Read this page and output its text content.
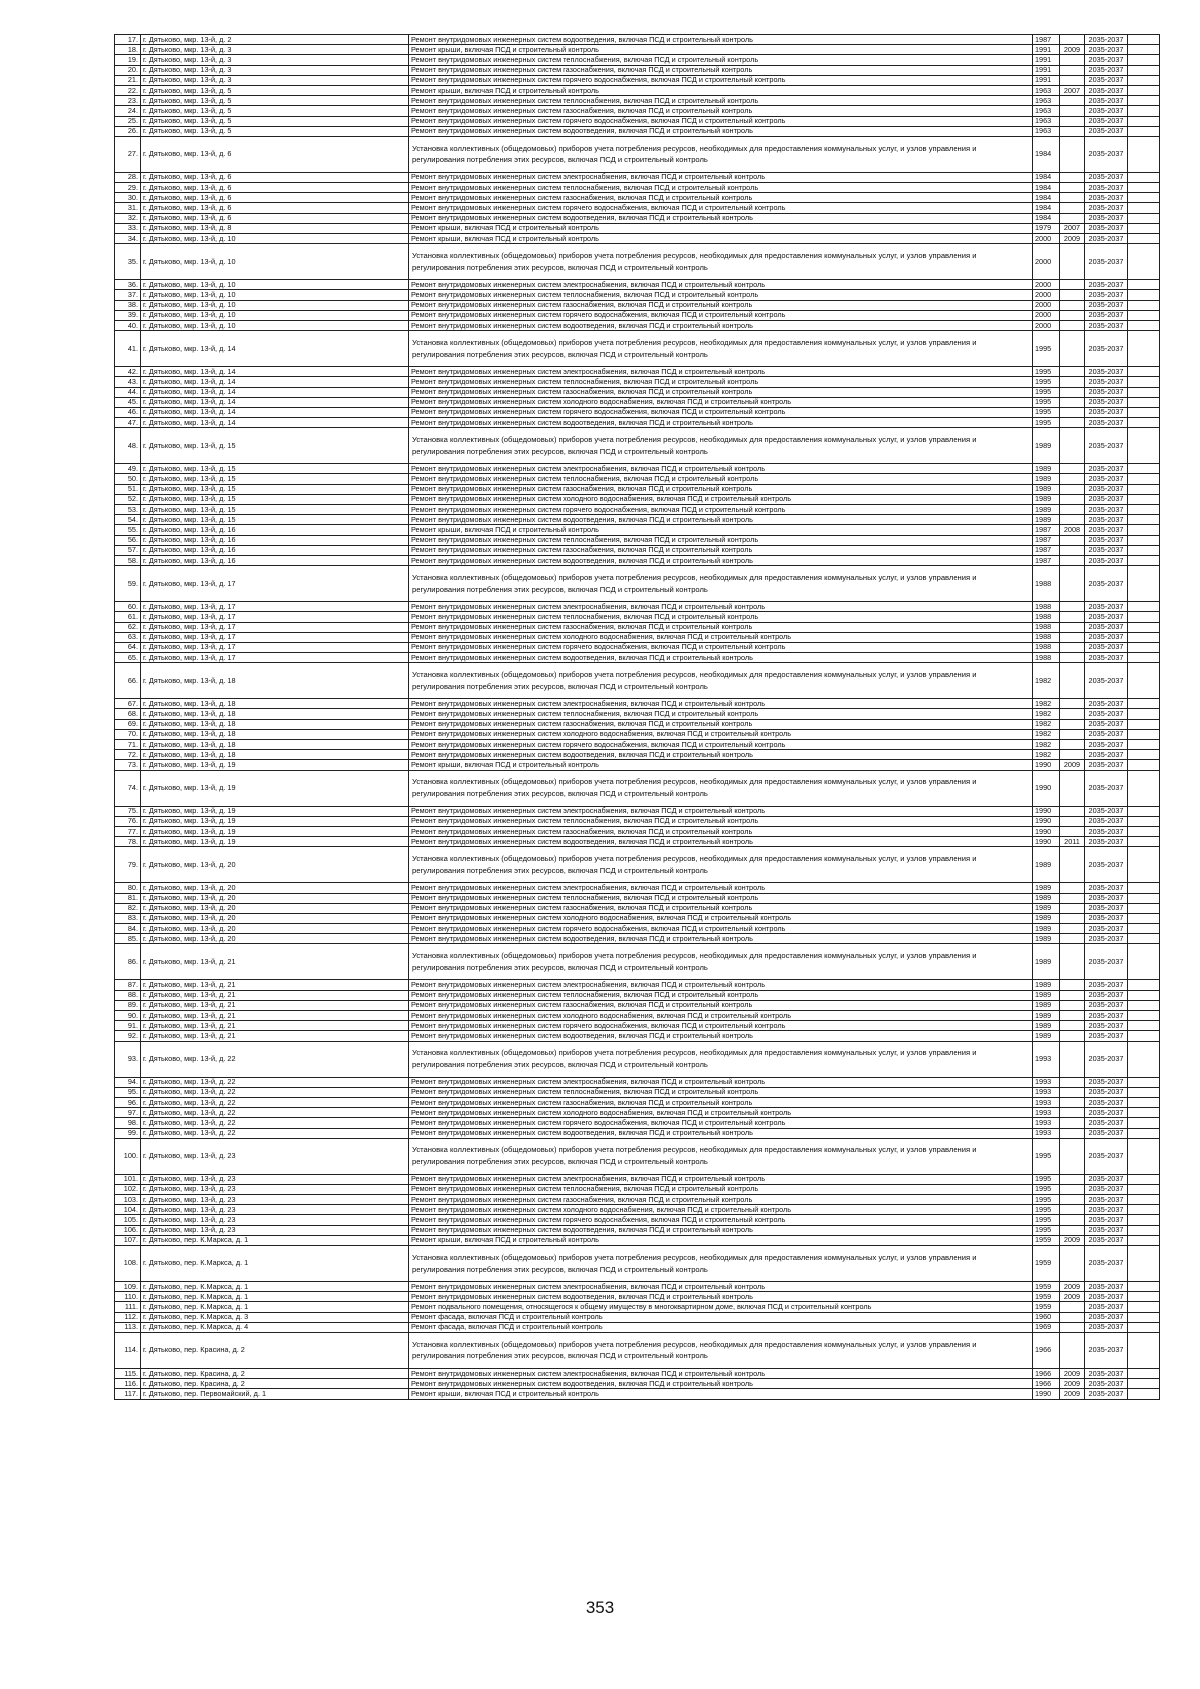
17.	г. Дятьково, мкр. 13-й, д. 2	Ремонт внутридомовых инженерных систем водоотведения, включая ПСД и строительный контроль	1987		2035-2037	
18.	г. Дятьково, мкр. 13-й, д. 3	Ремонт крыши, включая ПСД и строительный контроль	1991	2009	2035-2037	
19.	г. Дятьково, мкр. 13-й, д. 3	Ремонт внутридомовых инженерных систем теплоснабжения, включая ПСД и строительный контроль	1991		2035-2037	
20.	г. Дятьково, мкр. 13-й, д. 3	Ремонт внутридомовых инженерных систем газоснабжения, включая ПСД и строительный контроль	1991		2035-2037	
21.	г. Дятьково, мкр. 13-й, д. 3	Ремонт внутридомовых инженерных систем горячего водоснабжения, включая ПСД и строительный контроль	1991		2035-2037	
22.	г. Дятьково, мкр. 13-й, д. 5	Ремонт крыши, включая ПСД и строительный контроль	1963	2007	2035-2037	
23.	г. Дятьково, мкр. 13-й, д. 5	Ремонт внутридомовых инженерных систем теплоснабжения, включая ПСД и строительный контроль	1963		2035-2037	
24.	г. Дятьково, мкр. 13-й, д. 5	Ремонт внутридомовых инженерных систем газоснабжения, включая ПСД и строительный контроль	1963		2035-2037	
25.	г. Дятьково, мкр. 13-й, д. 5	Ремонт внутридомовых инженерных систем горячего водоснабжения, включая ПСД и строительный контроль	1963		2035-2037	
26.	г. Дятьково, мкр. 13-й, д. 5	Ремонт внутридомовых инженерных систем водоотведения, включая ПСД и строительный контроль	1963		2035-2037	
27.	г. Дятьково, мкр. 13-й, д. 6	Установка коллективных (общедомовых) приборов учета потребления ресурсов, необходимых для предоставления коммунальных услуг, и узлов управления и регулирования потребления этих ресурсов, включая ПСД и строительный контроль	1984		2035-2037	
28.	г. Дятьково, мкр. 13-й, д. 6	Ремонт внутридомовых инженерных систем электроснабжения, включая ПСД и строительный контроль	1984		2035-2037	
29.	г. Дятьково, мкр. 13-й, д. 6	Ремонт внутридомовых инженерных систем теплоснабжения, включая ПСД и строительный контроль	1984		2035-2037	
30.	г. Дятьково, мкр. 13-й, д. 6	Ремонт внутридомовых инженерных систем газоснабжения, включая ПСД и строительный контроль	1984		2035-2037	
31.	г. Дятьково, мкр. 13-й, д. 6	Ремонт внутридомовых инженерных систем горячего водоснабжения, включая ПСД и строительный контроль	1984		2035-2037	
32.	г. Дятьково, мкр. 13-й, д. 6	Ремонт внутридомовых инженерных систем водоотведения, включая ПСД и строительный контроль	1984		2035-2037	
33.	г. Дятьково, мкр. 13-й, д. 8	Ремонт крыши, включая ПСД и строительный контроль	1979	2007	2035-2037	
34.	г. Дятьково, мкр. 13-й, д. 10	Ремонт крыши, включая ПСД и строительный контроль	2000	2009	2035-2037	
35.	г. Дятьково, мкр. 13-й, д. 10	Установка коллективных (общедомовых) приборов учета потребления ресурсов, необходимых для предоставления коммунальных услуг, и узлов управления и регулирования потребления этих ресурсов, включая ПСД и строительный контроль	2000		2035-2037	
36.	г. Дятьково, мкр. 13-й, д. 10	Ремонт внутридомовых инженерных систем электроснабжения, включая ПСД и строительный контроль	2000		2035-2037	
37.	г. Дятьково, мкр. 13-й, д. 10	Ремонт внутридомовых инженерных систем теплоснабжения, включая ПСД и строительный контроль	2000		2035-2037	
38.	г. Дятьково, мкр. 13-й, д. 10	Ремонт внутридомовых инженерных систем газоснабжения, включая ПСД и строительный контроль	2000		2035-2037	
39.	г. Дятьково, мкр. 13-й, д. 10	Ремонт внутридомовых инженерных систем горячего водоснабжения, включая ПСД и строительный контроль	2000		2035-2037	
40.	г. Дятьково, мкр. 13-й, д. 10	Ремонт внутридомовых инженерных систем водоотведения, включая ПСД и строительный контроль	2000		2035-2037	
41.	г. Дятьково, мкр. 13-й, д. 14	Установка коллективных (общедомовых) приборов учета потребления ресурсов, необходимых для предоставления коммунальных услуг, и узлов управления и регулирования потребления этих ресурсов, включая ПСД и строительный контроль	1995		2035-2037	
42.	г. Дятьково, мкр. 13-й, д. 14	Ремонт внутридомовых инженерных систем электроснабжения, включая ПСД и строительный контроль	1995		2035-2037	
43.	г. Дятьково, мкр. 13-й, д. 14	Ремонт внутридомовых инженерных систем теплоснабжения, включая ПСД и строительный контроль	1995		2035-2037	
44.	г. Дятьково, мкр. 13-й, д. 14	Ремонт внутридомовых инженерных систем газоснабжения, включая ПСД и строительный контроль	1995		2035-2037	
45.	г. Дятьково, мкр. 13-й, д. 14	Ремонт внутридомовых инженерных систем холодного водоснабжения, включая ПСД и строительный контроль	1995		2035-2037	
46.	г. Дятьково, мкр. 13-й, д. 14	Ремонт внутридомовых инженерных систем горячего водоснабжения, включая ПСД и строительный контроль	1995		2035-2037	
47.	г. Дятьково, мкр. 13-й, д. 14	Ремонт внутридомовых инженерных систем водоотведения, включая ПСД и строительный контроль	1995		2035-2037	
48.	г. Дятьково, мкр. 13-й, д. 15	Установка коллективных (общедомовых) приборов учета потребления ресурсов, необходимых для предоставления коммунальных услуг, и узлов управления и регулирования потребления этих ресурсов, включая ПСД и строительный контроль	1989		2035-2037	
49.	г. Дятьково, мкр. 13-й, д. 15	Ремонт внутридомовых инженерных систем электроснабжения, включая ПСД и строительный контроль	1989		2035-2037	
50.	г. Дятьково, мкр. 13-й, д. 15	Ремонт внутридомовых инженерных систем теплоснабжения, включая ПСД и строительный контроль	1989		2035-2037	
51.	г. Дятьково, мкр. 13-й, д. 15	Ремонт внутридомовых инженерных систем газоснабжения, включая ПСД и строительный контроль	1989		2035-2037	
52.	г. Дятьково, мкр. 13-й, д. 15	Ремонт внутридомовых инженерных систем холодного водоснабжения, включая ПСД и строительный контроль	1989		2035-2037	
53.	г. Дятьково, мкр. 13-й, д. 15	Ремонт внутридомовых инженерных систем горячего водоснабжения, включая ПСД и строительный контроль	1989		2035-2037	
54.	г. Дятьково, мкр. 13-й, д. 15	Ремонт внутридомовых инженерных систем водоотведения, включая ПСД и строительный контроль	1989		2035-2037	
55.	г. Дятьково, мкр. 13-й, д. 16	Ремонт крыши, включая ПСД и строительный контроль	1987	2008	2035-2037	
56.	г. Дятьково, мкр. 13-й, д. 16	Ремонт внутридомовых инженерных систем теплоснабжения, включая ПСД и строительный контроль	1987		2035-2037	
57.	г. Дятьково, мкр. 13-й, д. 16	Ремонт внутридомовых инженерных систем газоснабжения, включая ПСД и строительный контроль	1987		2035-2037	
58.	г. Дятьково, мкр. 13-й, д. 16	Ремонт внутридомовых инженерных систем водоотведения, включая ПСД и строительный контроль	1987		2035-2037	
59.	г. Дятьково, мкр. 13-й, д. 17	Установка коллективных (общедомовых) приборов учета потребления ресурсов, необходимых для предоставления коммунальных услуг, и узлов управления и регулирования потребления этих ресурсов, включая ПСД и строительный контроль	1988		2035-2037	
60.	г. Дятьково, мкр. 13-й, д. 17	Ремонт внутридомовых инженерных систем электроснабжения, включая ПСД и строительный контроль	1988		2035-2037	
61.	г. Дятьково, мкр. 13-й, д. 17	Ремонт внутридомовых инженерных систем теплоснабжения, включая ПСД и строительный контроль	1988		2035-2037	
62.	г. Дятьково, мкр. 13-й, д. 17	Ремонт внутридомовых инженерных систем газоснабжения, включая ПСД и строительный контроль	1988		2035-2037	
63.	г. Дятьково, мкр. 13-й, д. 17	Ремонт внутридомовых инженерных систем холодного водоснабжения, включая ПСД и строительный контроль	1988		2035-2037	
64.	г. Дятьково, мкр. 13-й, д. 17	Ремонт внутридомовых инженерных систем горячего водоснабжения, включая ПСД и строительный контроль	1988		2035-2037	
65.	г. Дятьково, мкр. 13-й, д. 17	Ремонт внутридомовых инженерных систем водоотведения, включая ПСД и строительный контроль	1988		2035-2037	
66.	г. Дятьково, мкр. 13-й, д. 18	Установка коллективных (общедомовых) приборов учета потребления ресурсов, необходимых для предоставления коммунальных услуг, и узлов управления и регулирования потребления этих ресурсов, включая ПСД и строительный контроль	1982		2035-2037	
67.	г. Дятьково, мкр. 13-й, д. 18	Ремонт внутридомовых инженерных систем электроснабжения, включая ПСД и строительный контроль	1982		2035-2037	
68.	г. Дятьково, мкр. 13-й, д. 18	Ремонт внутридомовых инженерных систем теплоснабжения, включая ПСД и строительный контроль	1982		2035-2037	
69.	г. Дятьково, мкр. 13-й, д. 18	Ремонт внутридомовых инженерных систем газоснабжения, включая ПСД и строительный контроль	1982		2035-2037	
70.	г. Дятьково, мкр. 13-й, д. 18	Ремонт внутридомовых инженерных систем холодного водоснабжения, включая ПСД и строительный контроль	1982		2035-2037	
71.	г. Дятьково, мкр. 13-й, д. 18	Ремонт внутридомовых инженерных систем горячего водоснабжения, включая ПСД и строительный контроль	1982		2035-2037	
72.	г. Дятьково, мкр. 13-й, д. 18	Ремонт внутридомовых инженерных систем водоотведения, включая ПСД и строительный контроль	1982		2035-2037	
73.	г. Дятьково, мкр. 13-й, д. 19	Ремонт крыши, включая ПСД и строительный контроль	1990	2009	2035-2037	
74.	г. Дятьково, мкр. 13-й, д. 19	Установка коллективных (общедомовых) приборов учета потребления ресурсов, необходимых для предоставления коммунальных услуг, и узлов управления и регулирования потребления этих ресурсов, включая ПСД и строительный контроль	1990		2035-2037	
75.	г. Дятьково, мкр. 13-й, д. 19	Ремонт внутридомовых инженерных систем электроснабжения, включая ПСД и строительный контроль	1990		2035-2037	
76.	г. Дятьково, мкр. 13-й, д. 19	Ремонт внутридомовых инженерных систем теплоснабжения, включая ПСД и строительный контроль	1990		2035-2037	
77.	г. Дятьково, мкр. 13-й, д. 19	Ремонт внутридомовых инженерных систем газоснабжения, включая ПСД и строительный контроль	1990		2035-2037	
78.	г. Дятьково, мкр. 13-й, д. 19	Ремонт внутридомовых инженерных систем водоотведения, включая ПСД и строительный контроль	1990	2011	2035-2037	
79.	г. Дятьково, мкр. 13-й, д. 20	Установка коллективных (общедомовых) приборов учета потребления ресурсов, необходимых для предоставления коммунальных услуг, и узлов управления и регулирования потребления этих ресурсов, включая ПСД и строительный контроль	1989		2035-2037	
80.	г. Дятьково, мкр. 13-й, д. 20	Ремонт внутридомовых инженерных систем электроснабжения, включая ПСД и строительный контроль	1989		2035-2037	
81.	г. Дятьково, мкр. 13-й, д. 20	Ремонт внутридомовых инженерных систем теплоснабжения, включая ПСД и строительный контроль	1989		2035-2037	
82.	г. Дятьково, мкр. 13-й, д. 20	Ремонт внутридомовых инженерных систем газоснабжения, включая ПСД и строительный контроль	1989		2035-2037	
83.	г. Дятьково, мкр. 13-й, д. 20	Ремонт внутридомовых инженерных систем холодного водоснабжения, включая ПСД и строительный контроль	1989		2035-2037	
84.	г. Дятьково, мкр. 13-й, д. 20	Ремонт внутридомовых инженерных систем горячего водоснабжения, включая ПСД и строительный контроль	1989		2035-2037	
85.	г. Дятьково, мкр. 13-й, д. 20	Ремонт внутридомовых инженерных систем водоотведения, включая ПСД и строительный контроль	1989		2035-2037	
86.	г. Дятьково, мкр. 13-й, д. 21	Установка коллективных (общедомовых) приборов учета потребления ресурсов, необходимых для предоставления коммунальных услуг, и узлов управления и регулирования потребления этих ресурсов, включая ПСД и строительный контроль	1989		2035-2037	
87.	г. Дятьково, мкр. 13-й, д. 21	Ремонт внутридомовых инженерных систем электроснабжения, включая ПСД и строительный контроль	1989		2035-2037	
88.	г. Дятьково, мкр. 13-й, д. 21	Ремонт внутридомовых инженерных систем теплоснабжения, включая ПСД и строительный контроль	1989		2035-2037	
89.	г. Дятьково, мкр. 13-й, д. 21	Ремонт внутридомовых инженерных систем газоснабжения, включая ПСД и строительный контроль	1989		2035-2037	
90.	г. Дятьково, мкр. 13-й, д. 21	Ремонт внутридомовых инженерных систем холодного водоснабжения, включая ПСД и строительный контроль	1989		2035-2037	
91.	г. Дятьково, мкр. 13-й, д. 21	Ремонт внутридомовых инженерных систем горячего водоснабжения, включая ПСД и строительный контроль	1989		2035-2037	
92.	г. Дятьково, мкр. 13-й, д. 21	Ремонт внутридомовых инженерных систем водоотведения, включая ПСД и строительный контроль	1989		2035-2037	
93.	г. Дятьково, мкр. 13-й, д. 22	Установка коллективных (общедомовых) приборов учета потребления ресурсов, необходимых для предоставления коммунальных услуг, и узлов управления и регулирования потребления этих ресурсов, включая ПСД и строительный контроль	1993		2035-2037	
94.	г. Дятьково, мкр. 13-й, д. 22	Ремонт внутридомовых инженерных систем электроснабжения, включая ПСД и строительный контроль	1993		2035-2037	
95.	г. Дятьково, мкр. 13-й, д. 22	Ремонт внутридомовых инженерных систем теплоснабжения, включая ПСД и строительный контроль	1993		2035-2037	
96.	г. Дятьково, мкр. 13-й, д. 22	Ремонт внутридомовых инженерных систем газоснабжения, включая ПСД и строительный контроль	1993		2035-2037	
97.	г. Дятьково, мкр. 13-й, д. 22	Ремонт внутридомовых инженерных систем холодного водоснабжения, включая ПСД и строительный контроль	1993		2035-2037	
98.	г. Дятьково, мкр. 13-й, д. 22	Ремонт внутридомовых инженерных систем горячего водоснабжения, включая ПСД и строительный контроль	1993		2035-2037	
99.	г. Дятьково, мкр. 13-й, д. 22	Ремонт внутридомовых инженерных систем водоотведения, включая ПСД и строительный контроль	1993		2035-2037	
100.	г. Дятьково, мкр. 13-й, д. 23	Установка коллективных (общедомовых) приборов учета потребления ресурсов, необходимых для предоставления коммунальных услуг, и узлов управления и регулирования потребления этих ресурсов, включая ПСД и строительный контроль	1995		2035-2037	
101.	г. Дятьково, мкр. 13-й, д. 23	Ремонт внутридомовых инженерных систем электроснабжения, включая ПСД и строительный контроль	1995		2035-2037	
102.	г. Дятьково, мкр. 13-й, д. 23	Ремонт внутридомовых инженерных систем теплоснабжения, включая ПСД и строительный контроль	1995		2035-2037	
103.	г. Дятьково, мкр. 13-й, д. 23	Ремонт внутридомовых инженерных систем газоснабжения, включая ПСД и строительный контроль	1995		2035-2037	
104.	г. Дятьково, мкр. 13-й, д. 23	Ремонт внутридомовых инженерных систем холодного водоснабжения, включая ПСД и строительный контроль	1995		2035-2037	
105.	г. Дятьково, мкр. 13-й, д. 23	Ремонт внутридомовых инженерных систем горячего водоснабжения, включая ПСД и строительный контроль	1995		2035-2037	
106.	г. Дятьково, мкр. 13-й, д. 23	Ремонт внутридомовых инженерных систем водоотведения, включая ПСД и строительный контроль	1995		2035-2037	
107.	г. Дятьково, пер. К.Маркса, д. 1	Ремонт крыши, включая ПСД и строительный контроль	1959	2009	2035-2037	
108.	г. Дятьково, пер. К.Маркса, д. 1	Установка коллективных (общедомовых) приборов учета потребления ресурсов, необходимых для предоставления коммунальных услуг, и узлов управления и регулирования потребления этих ресурсов, включая ПСД и строительный контроль	1959		2035-2037	
109.	г. Дятьково, пер. К.Маркса, д. 1	Ремонт внутридомовых инженерных систем электроснабжения, включая ПСД и строительный контроль	1959	2009	2035-2037	
110.	г. Дятьково, пер. К.Маркса, д. 1	Ремонт внутридомовых инженерных систем водоотведения, включая ПСД и строительный контроль	1959	2009	2035-2037	
111.	г. Дятьково, пер. К.Маркса, д. 1	Ремонт подвального помещения, относящегося к общему имуществу в многоквартирном доме, включая ПСД и строительный контроль	1959		2035-2037	
112.	г. Дятьково, пер. К.Маркса, д. 3	Ремонт фасада, включая ПСД и строительный контроль	1960		2035-2037	
113.	г. Дятьково, пер. К.Маркса, д. 4	Ремонт фасада, включая ПСД и строительный контроль	1969		2035-2037	
114.	г. Дятьково, пер. Красина, д. 2	Установка коллективных (общедомовых) приборов учета потребления ресурсов, необходимых для предоставления коммунальных услуг, и узлов управления и регулирования потребления этих ресурсов, включая ПСД и строительный контроль	1966		2035-2037	
115.	г. Дятьково, пер. Красина, д. 2	Ремонт внутридомовых инженерных систем электроснабжения, включая ПСД и строительный контроль	1966	2009	2035-2037	
116.	г. Дятьково, пер. Красина, д. 2	Ремонт внутридомовых инженерных систем водоотведения, включая ПСД и строительный контроль	1966	2009	2035-2037	
117.	г. Дятьково, пер. Первомайский, д. 1	Ремонт крыши, включая ПСД и строительный контроль	1990	2009	2035-2037	
353
